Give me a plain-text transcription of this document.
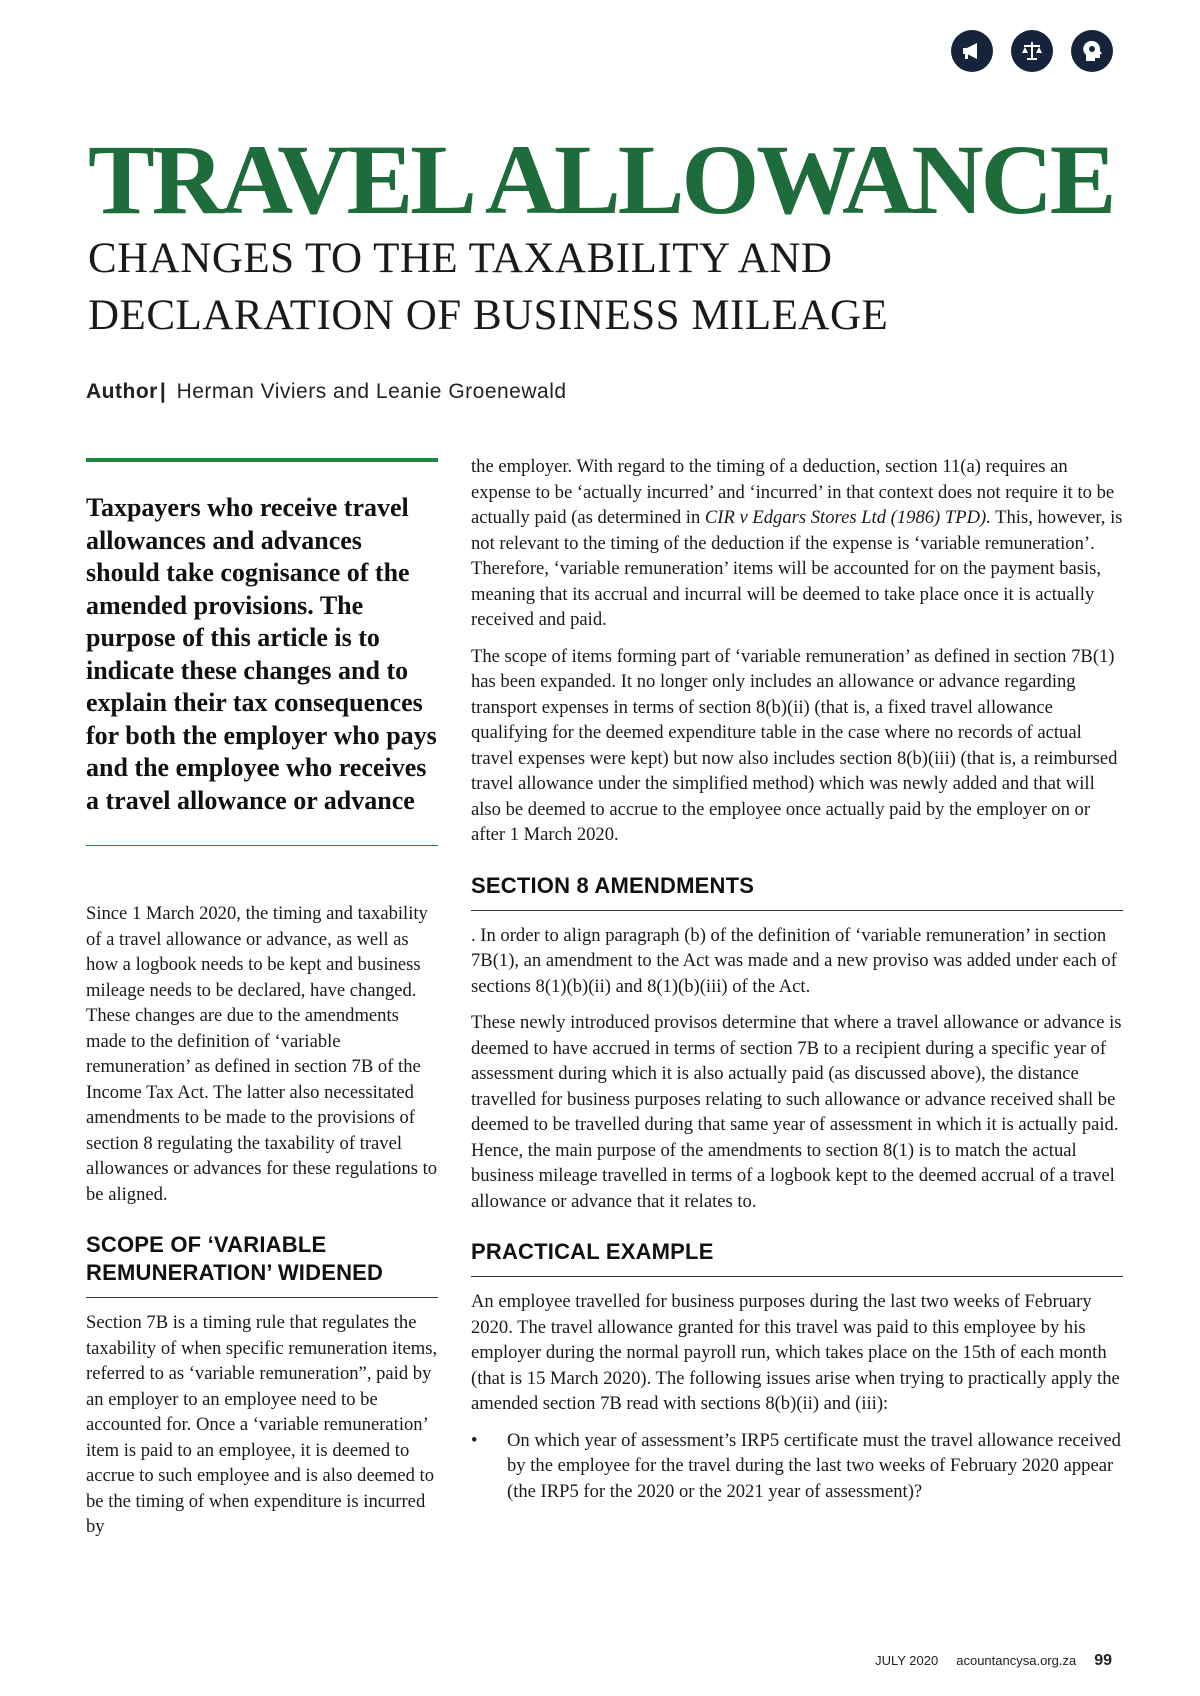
TRAVEL ALLOWANCE
CHANGES TO THE TAXABILITY AND
DECLARATION OF BUSINESS MILEAGE
Author| Herman Viviers and Leanie Groenewald

Taxpayers who receive travel allowances and advances should take cognisance of the amended provisions. The purpose of this article is to indicate these changes and to explain their tax consequences for both the employer who pays and the employee who receives a travel allowance or advance

Since 1 March 2020, the timing and taxability of a travel allowance or advance, as well as how a logbook needs to be kept and business mileage needs to be declared, have changed. These changes are due to the amendments made to the definition of ‘variable remuneration’ as defined in section 7B of the Income Tax Act. The latter also necessitated amendments to be made to the provisions of section 8 regulating the taxability of travel allowances or advances for these regulations to be aligned.

SCOPE OF ‘VARIABLE
REMUNERATION’ WIDENED

Section 7B is a timing rule that regulates the taxability of when specific remuneration items, referred to as ‘variable remuneration”, paid by an employer to an employee need to be accounted for. Once a ‘variable remuneration’ item is paid to an employee, it is deemed to accrue to such employee and is also deemed to be the timing of when expenditure is incurred by

the employer. With regard to the timing of a deduction, section 11(a) requires an expense to be ‘actually incurred’ and ‘incurred’ in that context does not require it to be actually paid (as determined in CIR v Edgars Stores Ltd (1986) TPD). This, however, is not relevant to the timing of the deduction if the expense is ‘variable remuneration’. Therefore, ‘variable remuneration’ items will be accounted for on the payment basis, meaning that its accrual and incurral will be deemed to take place once it is actually received and paid.

The scope of items forming part of ‘variable remuneration’ as defined in section 7B(1) has been expanded. It no longer only includes an allowance or advance regarding transport expenses in terms of section 8(b)(ii) (that is, a fixed travel allowance qualifying for the deemed expenditure table in the case where no records of actual travel expenses were kept) but now also includes section 8(b)(iii) (that is, a reimbursed travel allowance under the simplified method) which was newly added and that will also be deemed to accrue to the employee once actually paid by the employer on or after 1 March 2020.

SECTION 8 AMENDMENTS

. In order to align paragraph (b) of the definition of ‘variable remuneration’ in section 7B(1), an amendment to the Act was made and a new proviso was added under each of sections 8(1)(b)(ii) and 8(1)(b)(iii) of the Act.

These newly introduced provisos determine that where a travel allowance or advance is deemed to have accrued in terms of section 7B to a recipient during a specific year of assessment during which it is also actually paid (as discussed above), the distance travelled for business purposes relating to such allowance or advance received shall be deemed to be travelled during that same year of assessment in which it is actually paid. Hence, the main purpose of the amendments to section 8(1) is to match the actual business mileage travelled in terms of a logbook kept to the deemed accrual of a travel allowance or advance that it relates to.

PRACTICAL EXAMPLE

An employee travelled for business purposes during the last two weeks of February 2020. The travel allowance granted for this travel was paid to this employee by his employer during the normal payroll run, which takes place on the 15th of each month (that is 15 March 2020). The following issues arise when trying to practically apply the amended section 7B read with sections 8(b)(ii) and (iii):

• On which year of assessment’s IRP5 certificate must the travel allowance received by the employee for the travel during the last two weeks of February 2020 appear (the IRP5 for the 2020 or the 2021 year of assessment)?
JULY 2020 acountancysa.org.za 99
